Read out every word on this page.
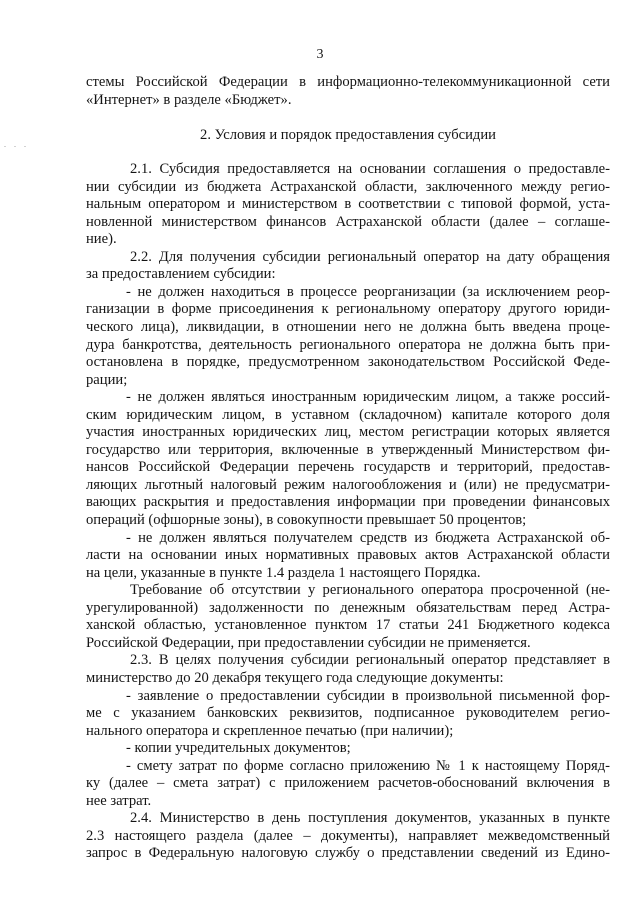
3
. . .
стемы Российской Федерации в информационно-телекоммуникационной сети
«Интернет» в разделе «Бюджет».
2. Условия и порядок предоставления субсидии
2.1. Субсидия предоставляется на основании соглашения о предоставле-
нии субсидии из бюджета Астраханской области, заключенного между регио-
нальным оператором и министерством в соответствии с типовой формой, уста-
новленной министерством финансов Астраханской области (далее – соглаше-
ние).
2.2. Для получения субсидии региональный оператор на дату обращения
за предоставлением субсидии:
- не должен находиться в процессе реорганизации (за исключением реор-
ганизации в форме присоединения к региональному оператору другого юриди-
ческого лица), ликвидации, в отношении него не должна быть введена проце-
дура банкротства, деятельность регионального оператора не должна быть при-
остановлена в порядке, предусмотренном законодательством Российской Феде-
рации;
- не должен являться иностранным юридическим лицом, а также россий-
ским юридическим лицом, в уставном (складочном) капитале которого доля
участия иностранных юридических лиц, местом регистрации которых является
государство или территория, включенные в утвержденный Министерством фи-
нансов Российской Федерации перечень государств и территорий, предостав-
ляющих льготный налоговый режим налогообложения и (или) не предусматри-
вающих раскрытия и предоставления информации при проведении финансовых
операций (офшорные зоны), в совокупности превышает 50 процентов;
- не должен являться получателем средств из бюджета Астраханской об-
ласти на основании иных нормативных правовых актов Астраханской области
на цели, указанные в пункте 1.4 раздела 1 настоящего Порядка.
Требование об отсутствии у регионального оператора просроченной (не-
урегулированной) задолженности по денежным обязательствам перед Астра-
ханской областью, установленное пунктом 17 статьи 241 Бюджетного кодекса
Российской Федерации, при предоставлении субсидии не применяется.
2.3. В целях получения субсидии региональный оператор представляет в
министерство до 20 декабря текущего года следующие документы:
- заявление о предоставлении субсидии в произвольной письменной фор-
ме с указанием банковских реквизитов, подписанное руководителем регио-
нального оператора и скрепленное печатью (при наличии);
- копии учредительных документов;
- смету затрат по форме согласно приложению № 1 к настоящему Поряд-
ку (далее – смета затрат) с приложением расчетов-обоснований включения в
нее затрат.
2.4. Министерство в день поступления документов, указанных в пункте
2.3 настоящего раздела (далее – документы), направляет межведомственный
запрос в Федеральную налоговую службу о представлении сведений из Едино-
